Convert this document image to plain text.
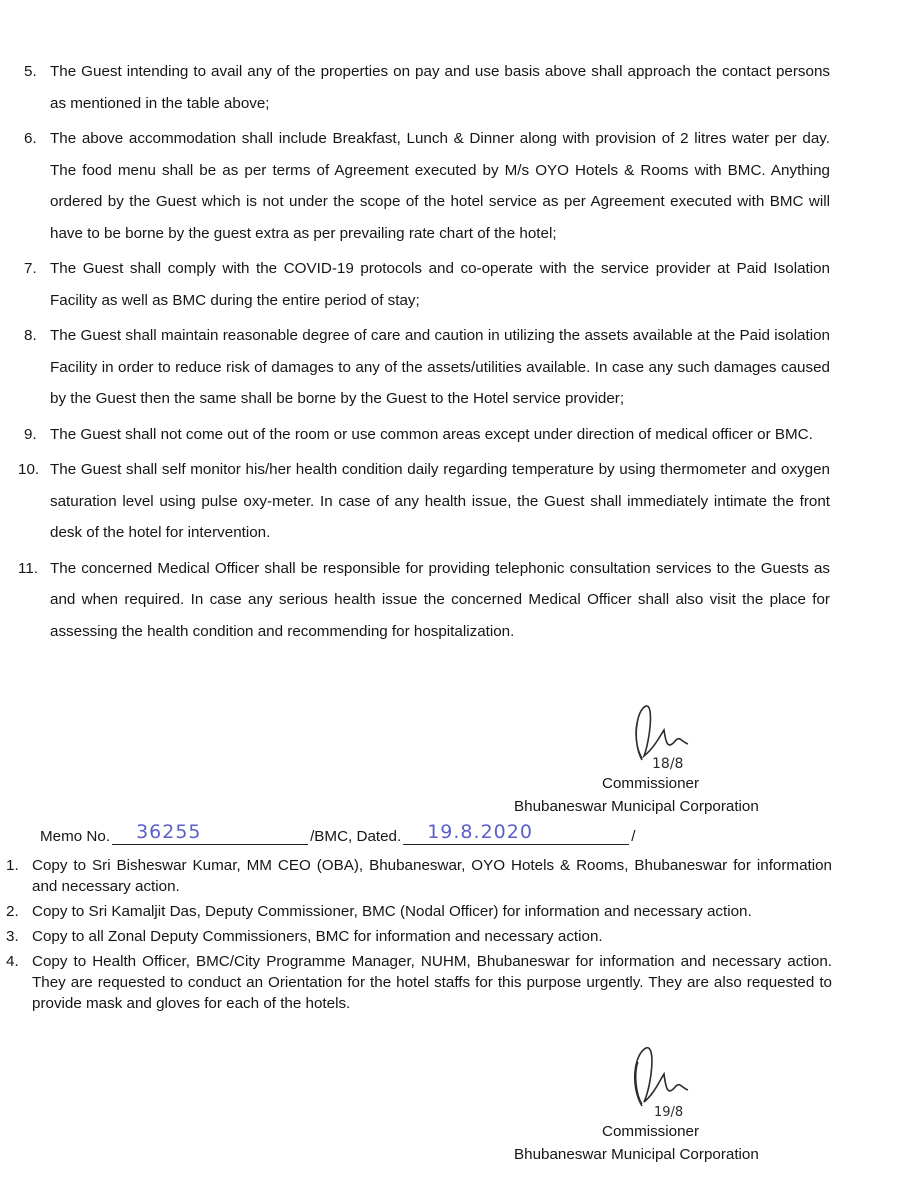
5. The Guest intending to avail any of the properties on pay and use basis above shall approach the contact persons as mentioned in the table above;
6. The above accommodation shall include Breakfast, Lunch & Dinner along with provision of 2 litres water per day. The food menu shall be as per terms of Agreement executed by M/s OYO Hotels & Rooms with BMC. Anything ordered by the Guest which is not under the scope of the hotel service as per Agreement executed with BMC will have to be borne by the guest extra as per prevailing rate chart of the hotel;
7. The Guest shall comply with the COVID-19 protocols and co-operate with the service provider at Paid Isolation Facility as well as BMC during the entire period of stay;
8. The Guest shall maintain reasonable degree of care and caution in utilizing the assets available at the Paid isolation Facility in order to reduce risk of damages to any of the assets/utilities available. In case any such damages caused by the Guest then the same shall be borne by the Guest to the Hotel service provider;
9. The Guest shall not come out of the room or use common areas except under direction of medical officer or BMC.
10. The Guest shall self monitor his/her health condition daily regarding temperature by using thermometer and oxygen saturation level using pulse oxy-meter. In case of any health issue, the Guest shall immediately intimate the front desk of the hotel for intervention.
11. The concerned Medical Officer shall be responsible for providing telephonic consultation services to the Guests as and when required. In case any serious health issue the concerned Medical Officer shall also visit the place for assessing the health condition and recommending for hospitalization.
18/8
Commissioner
Bhubaneswar Municipal Corporation
Memo No. 36255	/BMC, Dated. 19.8.2020	/
1. Copy to Sri Bisheswar Kumar, MM CEO (OBA), Bhubaneswar, OYO Hotels & Rooms, Bhubaneswar for information and necessary action.
2. Copy to Sri Kamaljit Das, Deputy Commissioner, BMC (Nodal Officer) for information and necessary action.
3. Copy to all Zonal Deputy Commissioners, BMC for information and necessary action.
4. Copy to Health Officer, BMC/City Programme Manager, NUHM, Bhubaneswar for information and necessary action. They are requested to conduct an Orientation for the hotel staffs for this purpose urgently. They are also requested to provide mask and gloves for each of the hotels.
19/8
Commissioner
Bhubaneswar Municipal Corporation
